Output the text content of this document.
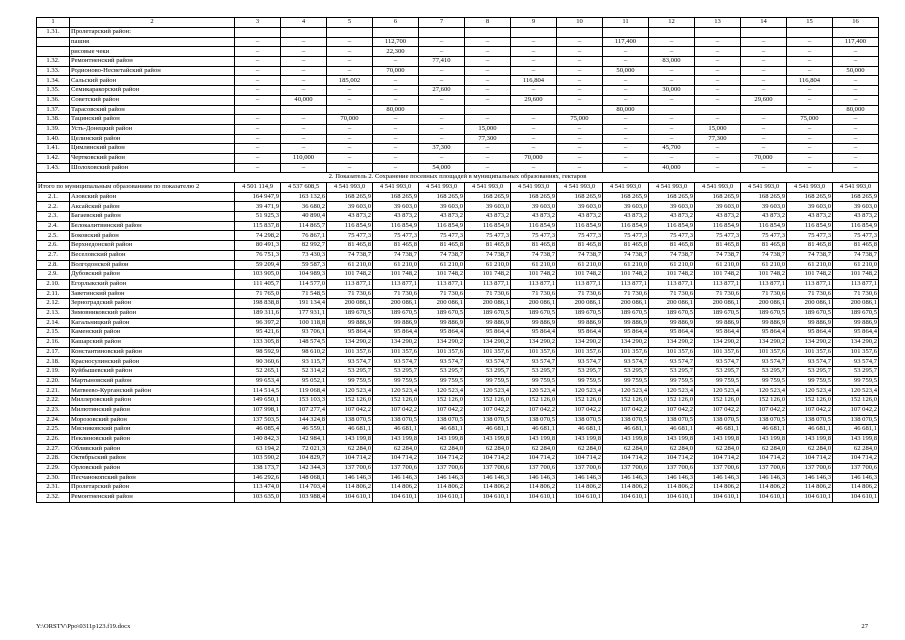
1	2	3	4	5	6	7	8	9	10	11	12	13	14	15	16
1.31.	Пролетарский район:														
	пашня	–	–	–	112,700	–	–	–	–	117,400	–	–	–	–	117,400
	рисовые чеки	–	–	–	22,300	–	–	–	–	–	–	–	–	–	–
1.32.	Ремонтненский район	–	–	–	–	77,410	–	–	–	–	83,000	–	–	–	–
1.33.	Родионово-Несветайский район	–	–	–	70,000	–	–	–	–	50,000	–	–	–	–	50,000
1.34.	Сальский район	–	–	185,002	–	–	–	116,804	–	–	–	–	–	116,804	–
1.35.	Семикаракорский район	–	–	–	–	27,600	–	–	–	–	30,000	–	–	–	–
1.36.	Советский район	–	40,000	–	–	–	–	29,600	–	–	–	–	29,600	–	–
1.37.	Тарасовский район				80,000					80,000					80,000
1.38.	Тацинский район	–	–	70,000	–	–	–	–	75,000	–	–	–	–	75,000	–
1.39.	Усть-Донецкий район	–	–	–	–	–	15,000	–	–	–	–	15,000	–	–	–
1.40.	Целинский район	–	–	–	–	–	77,300	–	–	–	–	77,300	–	–	–
1.41.	Цимлянский район	–	–	–	–	37,300	–	–	–	–	45,700	–	–	–	–
1.42.	Чертковский район	–	110,000	–	–	–	–	70,000	–	–	–	–	70,000	–	–
1.43.	Шолоховский район	–	–	–	–	54,000	–	–	–	–	40,000	–	–	–	–
2. Показатель 2. Сохранение посевных площадей в муниципальных образованиях, гектаров															
Итого по муниципальным образованиям по показателю 2		4 501 114,9	4 537 608,5	4 541 993,0	4 541 993,0	4 541 993,0	4 541 993,0	4 541 993,0	4 541 993,0	4 541 993,0	4 541 993,0	4 541 993,0	4 541 993,0	4 541 993,0	4 541 993,0
2.1.	Азовский район	164 947,9	163 132,6	168 265,9	168 265,9	168 265,9	168 265,9	168 265,9	168 265,9	168 265,9	168 265,9	168 265,9	168 265,9	168 265,9	168 265,9
2.2.	Аксайский район	39 471,9	36 680,2	39 603,0	39 603,0	39 603,0	39 603,0	39 603,0	39 603,0	39 603,0	39 603,0	39 603,0	39 603,0	39 603,0	39 603,0
2.3.	Багаевский район	51 925,3	40 890,4	43 873,2	43 873,2	43 873,2	43 873,2	43 873,2	43 873,2	43 873,2	43 873,2	43 873,2	43 873,2	43 873,2	43 873,2
2.4.	Белокалитвинский район	115 837,8	114 865,7	116 854,9	116 854,9	116 854,9	116 854,9	116 854,9	116 854,9	116 854,9	116 854,9	116 854,9	116 854,9	116 854,9	116 854,9
2.5.	Боковский район	74 298,2	76 867,1	75 477,3	75 477,3	75 477,3	75 477,3	75 477,3	75 477,3	75 477,3	75 477,3	75 477,3	75 477,3	75 477,3	75 477,3
2.6.	Верхнедонской район	80 491,3	82 992,7	81 465,8	81 465,8	81 465,8	81 465,8	81 465,8	81 465,8	81 465,8	81 465,8	81 465,8	81 465,8	81 465,8	81 465,8
2.7.	Веселовский район	76 751,3	73 430,3	74 738,7	74 738,7	74 738,7	74 738,7	74 738,7	74 738,7	74 738,7	74 738,7	74 738,7	74 738,7	74 738,7	74 738,7
2.8.	Волгодонской район	59 209,4	59 587,3	61 210,0	61 210,0	61 210,0	61 210,0	61 210,0	61 210,0	61 210,0	61 210,0	61 210,0	61 210,0	61 210,0	61 210,0
2.9.	Дубовский район	103 905,0	104 989,3	101 748,2	101 748,2	101 748,2	101 748,2	101 748,2	101 748,2	101 748,2	101 748,2	101 748,2	101 748,2	101 748,2	101 748,2
2.10.	Егорлыкский район	111 405,7	114 577,0	113 877,1	113 877,1	113 877,1	113 877,1	113 877,1	113 877,1	113 877,1	113 877,1	113 877,1	113 877,1	113 877,1	113 877,1
2.11.	Заветинский район	71 765,0	71 548,5	71 730,6	71 730,6	71 730,6	71 730,6	71 730,6	71 730,6	71 730,6	71 730,6	71 730,6	71 730,6	71 730,6	71 730,6
2.12.	Зерноградский район	198 838,8	191 134,4	200 086,1	200 086,1	200 086,1	200 086,1	200 086,1	200 086,1	200 086,1	200 086,1	200 086,1	200 086,1	200 086,1	200 086,1
2.13.	Зимовниковский район	189 311,6	177 931,1	189 670,5	189 670,5	189 670,5	189 670,5	189 670,5	189 670,5	189 670,5	189 670,5	189 670,5	189 670,5	189 670,5	189 670,5
2.14.	Кагальницкий район	96 397,2	100 118,8	99 886,9	99 886,9	99 886,9	99 886,9	99 886,9	99 886,9	99 886,9	99 886,9	99 886,9	99 886,9	99 886,9	99 886,9
2.15.	Каменский район	95 421,6	93 706,1	95 864,4	95 864,4	95 864,4	95 864,4	95 864,4	95 864,4	95 864,4	95 864,4	95 864,4	95 864,4	95 864,4	95 864,4
2.16.	Кашарский район	133 305,8	148 574,5	134 290,2	134 290,2	134 290,2	134 290,2	134 290,2	134 290,2	134 290,2	134 290,2	134 290,2	134 290,2	134 290,2	134 290,2
2.17.	Константиновский район	98 592,9	98 610,2	101 357,6	101 357,6	101 357,6	101 357,6	101 357,6	101 357,6	101 357,6	101 357,6	101 357,6	101 357,6	101 357,6	101 357,6
2.18.	Красносулинский район	90 360,6	93 115,7	93 574,7	93 574,7	93 574,7	93 574,7	93 574,7	93 574,7	93 574,7	93 574,7	93 574,7	93 574,7	93 574,7	93 574,7
2.19.	Куйбышевский район	52 265,1	52 314,2	53 295,7	53 295,7	53 295,7	53 295,7	53 295,7	53 295,7	53 295,7	53 295,7	53 295,7	53 295,7	53 295,7	53 295,7
2.20.	Мартыновский район	99 653,4	95 052,1	99 759,5	99 759,5	99 759,5	99 759,5	99 759,5	99 759,5	99 759,5	99 759,5	99 759,5	99 759,5	99 759,5	99 759,5
2.21.	Матвеево-Курганский район	114 514,5	119 068,4	120 523,4	120 523,4	120 523,4	120 523,4	120 523,4	120 523,4	120 523,4	120 523,4	120 523,4	120 523,4	120 523,4	120 523,4
2.22.	Миллеровский район	149 650,1	153 103,3	152 126,0	152 126,0	152 126,0	152 126,0	152 126,0	152 126,0	152 126,0	152 126,0	152 126,0	152 126,0	152 126,0	152 126,0
2.23.	Милютинский район	107 998,1	107 277,4	107 042,2	107 042,2	107 042,2	107 042,2	107 042,2	107 042,2	107 042,2	107 042,2	107 042,2	107 042,2	107 042,2	107 042,2
2.24.	Морозовский район	137 503,5	144 324,8	138 070,5	138 070,5	138 070,5	138 070,5	138 070,5	138 070,5	138 070,5	138 070,5	138 070,5	138 070,5	138 070,5	138 070,5
2.25.	Мясниковский район	46 085,4	46 559,1	46 681,1	46 681,1	46 681,1	46 681,1	46 681,1	46 681,1	46 681,1	46 681,1	46 681,1	46 681,1	46 681,1	46 681,1
2.26.	Неклиновский район	140 842,3	142 984,1	143 199,8	143 199,8	143 199,8	143 199,8	143 199,8	143 199,8	143 199,8	143 199,8	143 199,8	143 199,8	143 199,8	143 199,8
2.27.	Обливский район	63 194,2	72 021,3	62 284,0	62 284,0	62 284,0	62 284,0	62 284,0	62 284,0	62 284,0	62 284,0	62 284,0	62 284,0	62 284,0	62 284,0
2.28.	Октябрьский район	103 590,2	104 829,7	104 714,2	104 714,2	104 714,2	104 714,2	104 714,2	104 714,2	104 714,2	104 714,2	104 714,2	104 714,2	104 714,2	104 714,2
2.29.	Орловский район	138 173,7	142 344,3	137 700,6	137 700,6	137 700,6	137 700,6	137 700,6	137 700,6	137 700,6	137 700,6	137 700,6	137 700,6	137 700,6	137 700,6
2.30.	Песчанокопский район	146 292,6	148 068,1	146 146,3	146 146,3	146 146,3	146 146,3	146 146,3	146 146,3	146 146,3	146 146,3	146 146,3	146 146,3	146 146,3	146 146,3
2.31.	Пролетарский район	113 474,0	114 703,4	114 806,2	114 806,2	114 806,2	114 806,2	114 806,2	114 806,2	114 806,2	114 806,2	114 806,2	114 806,2	114 806,2	114 806,2
2.32.	Ремонтненский район	103 635,0	103 988,4	104 610,1	104 610,1	104 610,1	104 610,1	104 610,1	104 610,1	104 610,1	104 610,1	104 610,1	104 610,1	104 610,1	104 610,1
Y:\ORSTV\Ppo\0311p123.f19.docx	27
